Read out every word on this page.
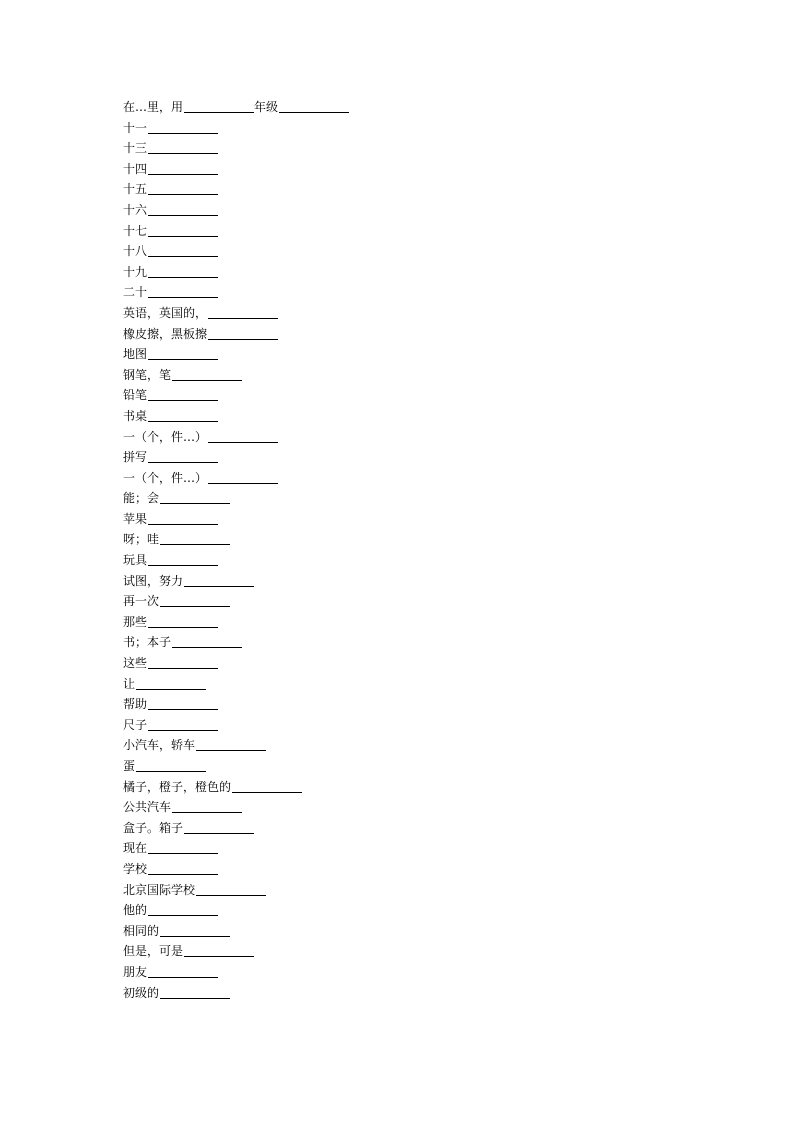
在…里，用	年级
十一
十三
十四
十五
十六
十七
十八
十九
二十
英语，英国的，
橡皮擦，黑板擦
地图
钢笔，笔
铅笔
书桌
一（个，件…）
拼写
一（个，件…）
能；会
苹果
呀；哇
玩具
试图，努力
再一次
那些
书；本子
这些
让
帮助
尺子
小汽车，轿车
蛋
橘子，橙子，橙色的
公共汽车
盒子。箱子
现在
学校
北京国际学校
他的
相同的
但是，可是
朋友
初级的
